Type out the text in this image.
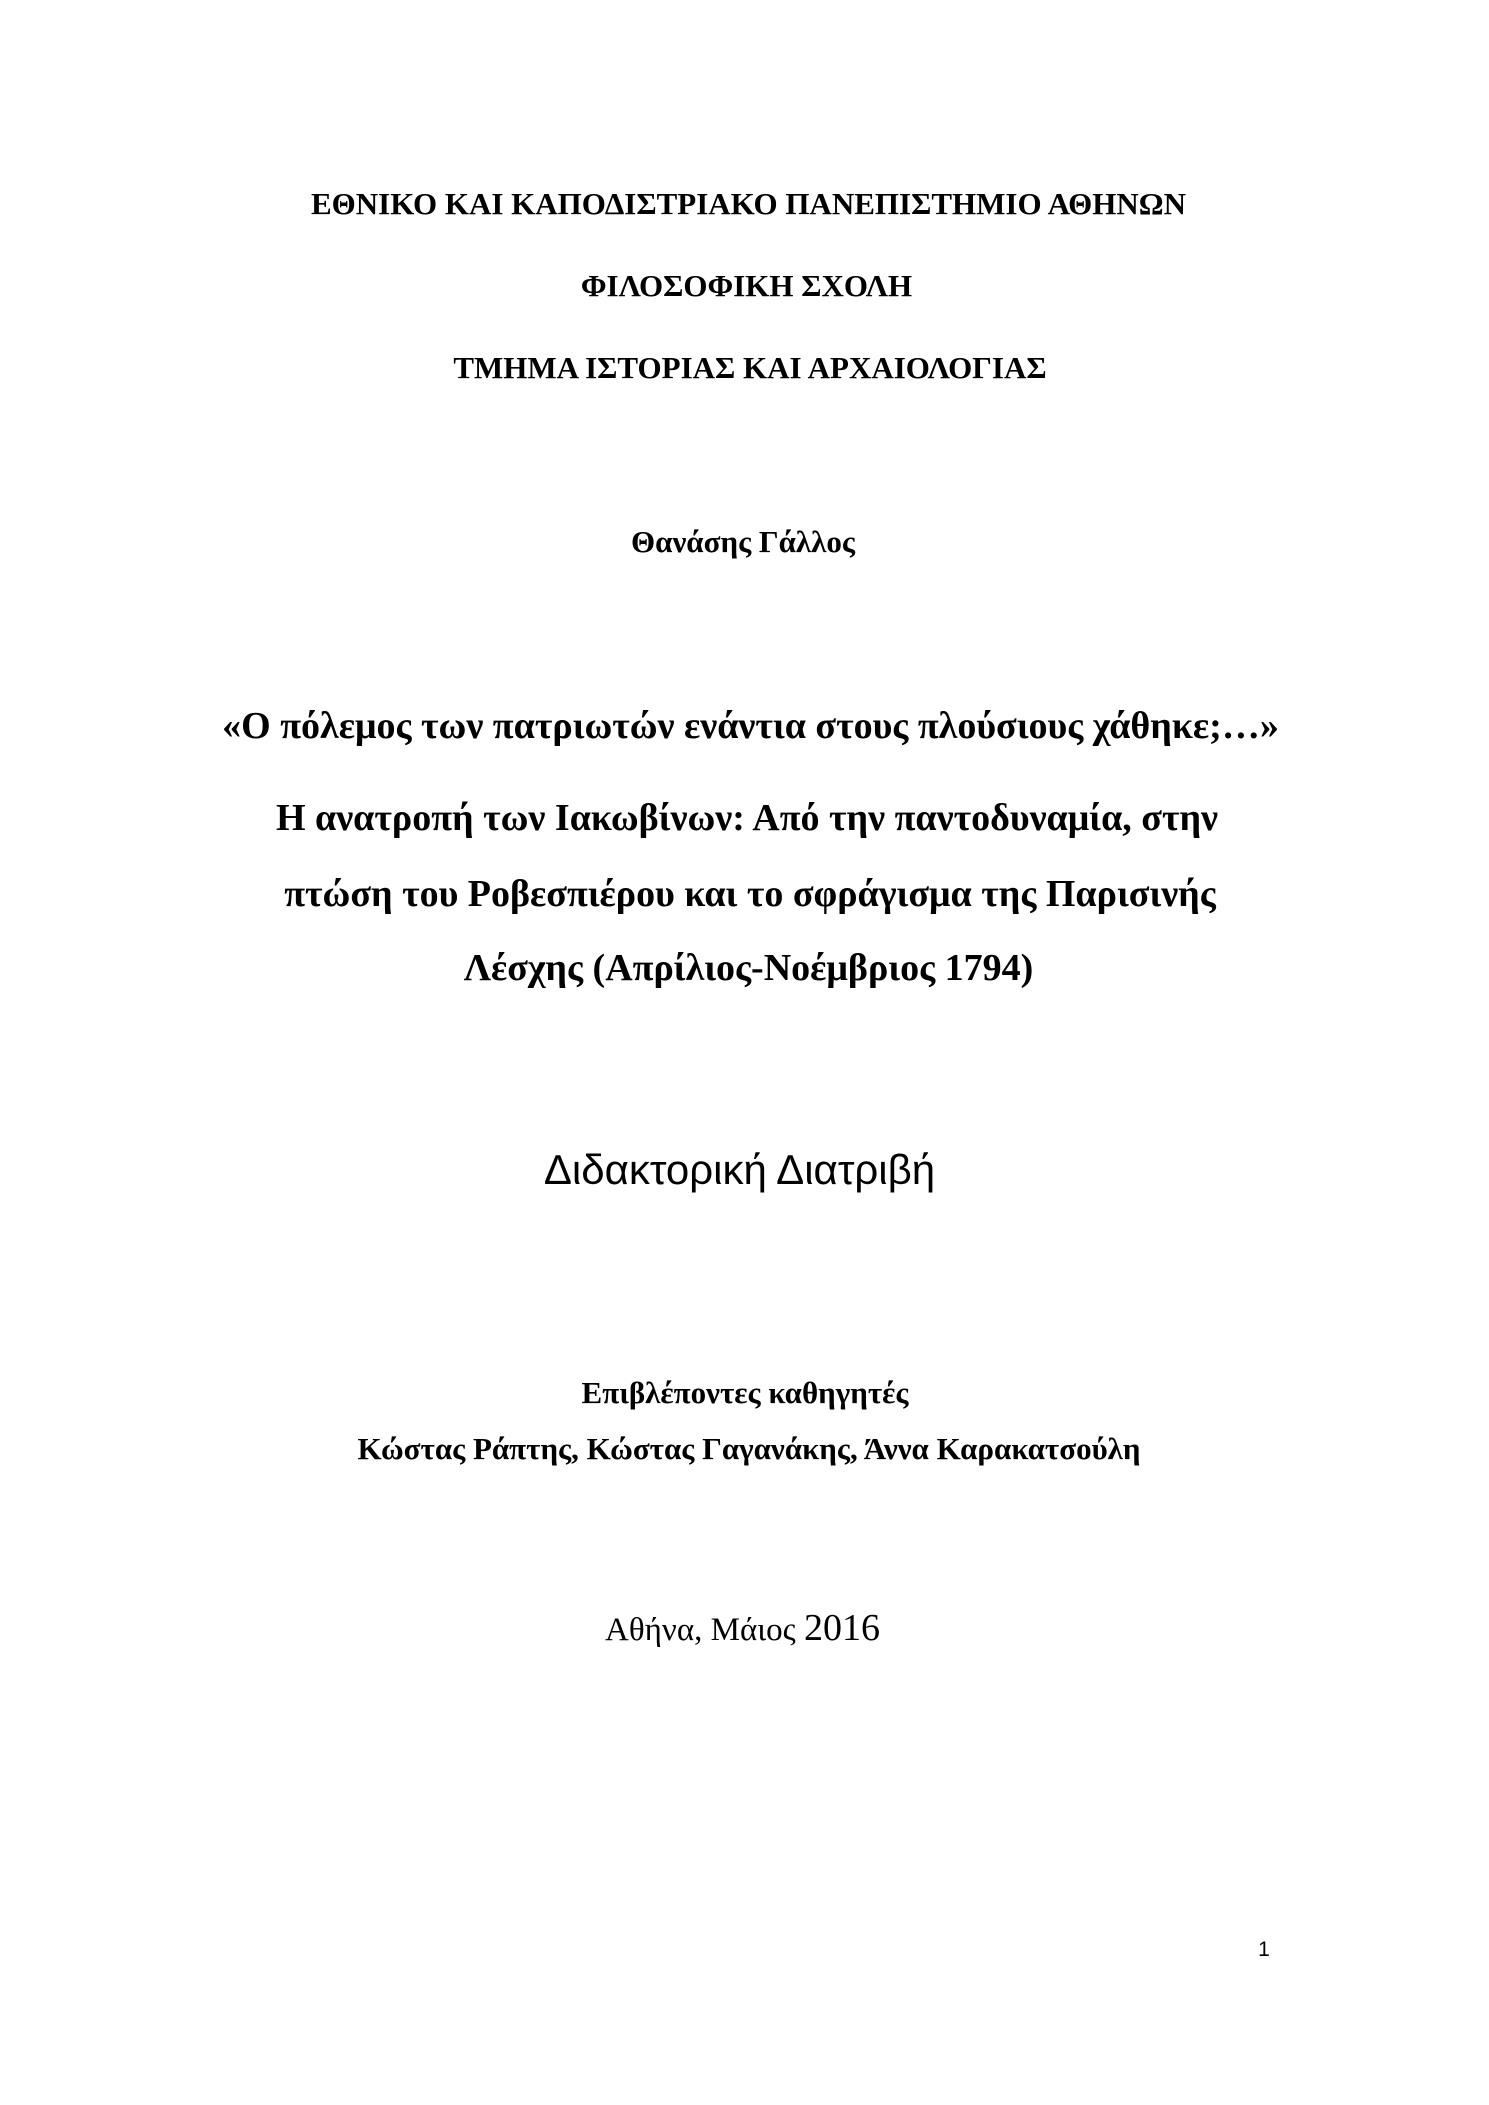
ΕΘΝΙΚΟ ΚΑΙ ΚΑΠΟΔΙΣΤΡΙΑΚΟ ΠΑΝΕΠΙΣΤΗΜΙΟ ΑΘΗΝΩΝ

ΦΙΛΟΣΟΦΙΚΗ ΣΧΟΛΗ

ΤΜΗΜΑ ΙΣΤΟΡΙΑΣ ΚΑΙ ΑΡΧΑΙΟΛΟΓΙΑΣ

Θανάσης Γάλλος

«Ο πόλεμος των πατριωτών ενάντια στους πλούσιους χάθηκε;…»

Η ανατροπή των Ιακωβίνων: Από την παντοδυναμία, στην

πτώση του Ροβεσπιέρου και το σφράγισμα της Παρισινής

Λέσχης (Απρίλιος-Νοέμβριος 1794)

Διδακτορική Διατριβή

Επιβλέποντες καθηγητές

Κώστας Ράπτης, Κώστας Γαγανάκης, Άννα Καρακατσούλη

Αθήνα, Μάιος 2016

1
